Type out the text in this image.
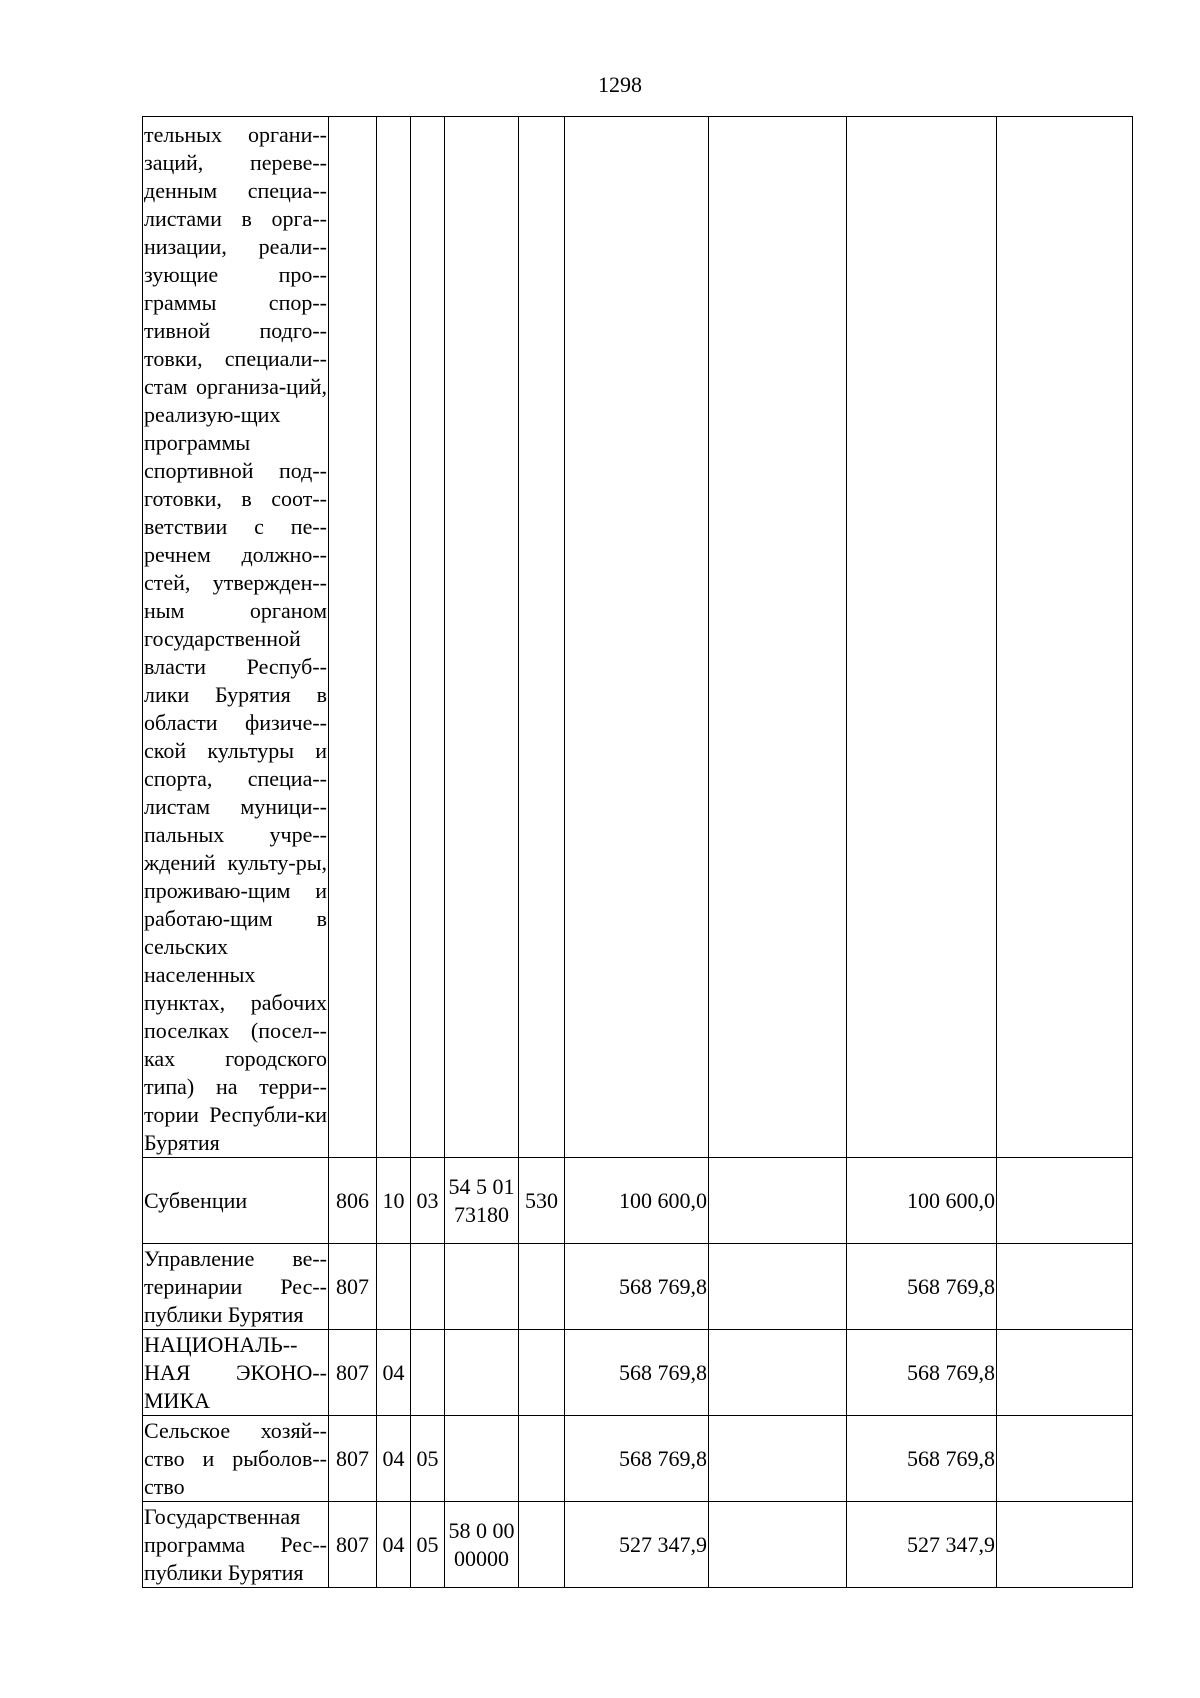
1298
тельных органи-заций, переве-денным специа-листами в орга-низации, реали-зующие про-граммы спор-тивной подго-товки, специали-стам организа-ций, реализую-щих программы спортивной под-готовки, в соот-ветствии с пе-речнем должно-стей, утвержден-ным органом государственной власти Респуб-лики Бурятия в области физиче-ской культуры и спорта, специа-листам муници-пальных учре-ждений культу-ры, проживаю-щим и работаю-щим в сельских населенных пунктах, рабочих поселках (посел-ках городского типа) на терри-тории Республи-ки Бурятия									
Субвенции	806	10	03	54 5 01 73180	530	100 600,0		100 600,0	
Управление ве-теринарии Рес-публики Бурятия	807					568 769,8		568 769,8	
НАЦИОНАЛЬ-НАЯ ЭКОНО-МИКА	807	04				568 769,8		568 769,8	
Сельское хозяй-ство и рыболов-ство	807	04	05			568 769,8		568 769,8	
Государственная программа Рес-публики Бурятия	807	04	05	58 0 00 00000		527 347,9		527 347,9	
